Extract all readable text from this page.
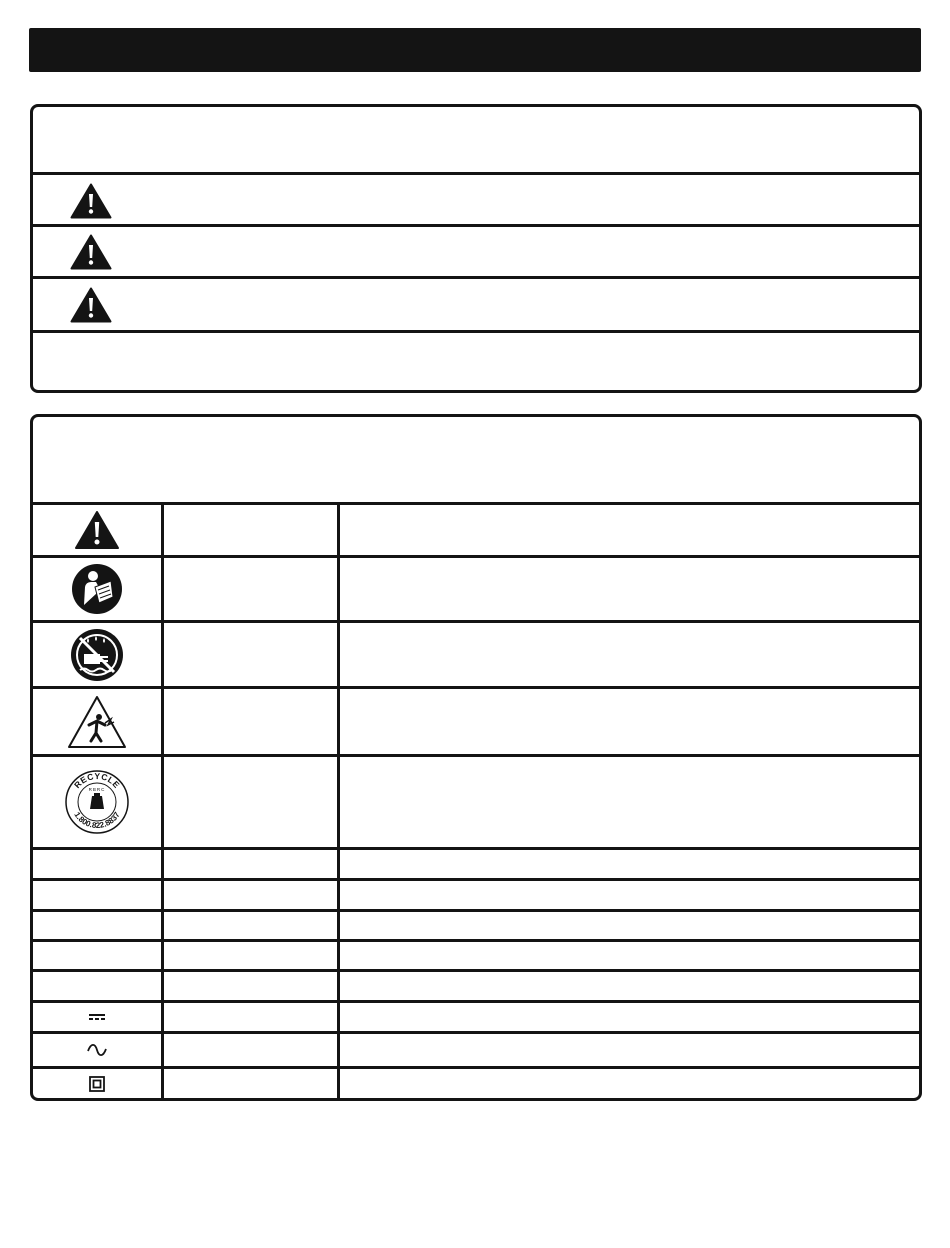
RECYCLE
RBRC
1.800.822.8837
